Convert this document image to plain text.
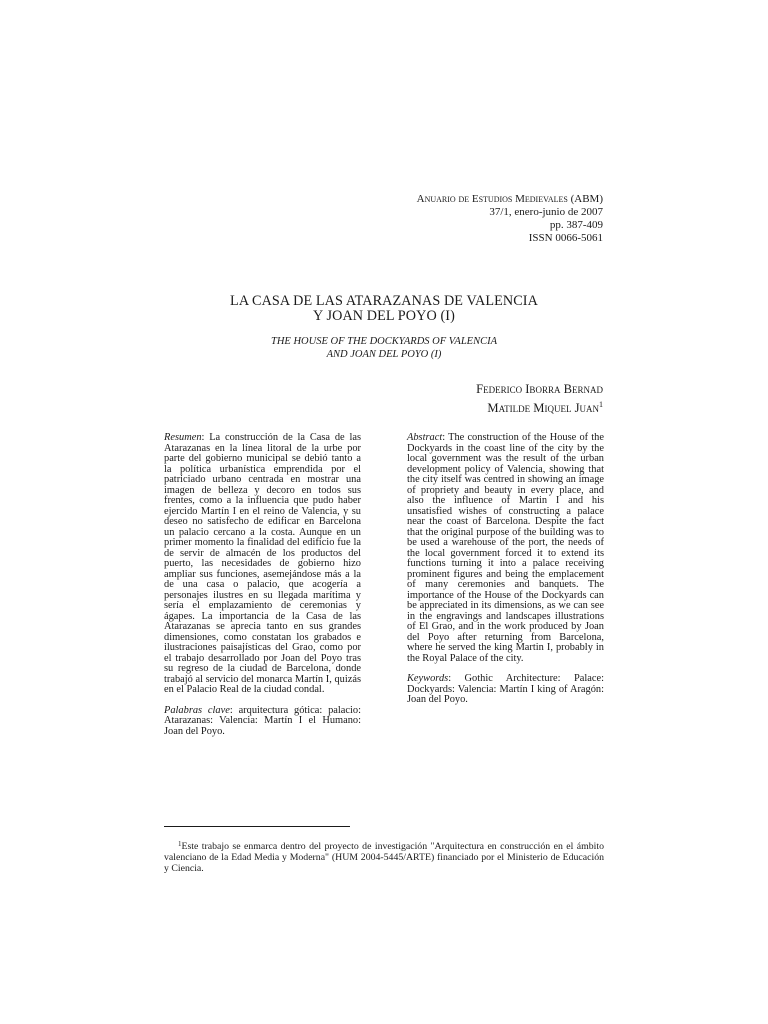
Anuario de Estudios Medievales (ABM)
37/1, enero-junio de 2007
pp. 387-409
ISSN 0066-5061
LA CASA DE LAS ATARAZANAS DE VALENCIA
Y JOAN DEL POYO (I)
THE HOUSE OF THE DOCKYARDS OF VALENCIA
AND JOAN DEL POYO (I)
Federico Iborra Bernad
Matilde Miquel Juan$^1$

Resumen: La construcción de la Casa de las Atarazanas en la línea litoral de la urbe por parte del gobierno municipal se debió tanto a la política urbanística emprendida por el patriciado urbano centrada en mostrar una imagen de belleza y decoro en todos sus frentes, como a la influencia que pudo haber ejercido Martín I en el reino de Valencia, y su deseo no satisfecho de edificar en Barcelona un palacio cercano a la costa. Aunque en un primer momento la finalidad del edificio fue la de servir de almacén de los productos del puerto, las necesidades de gobierno hizo ampliar sus funciones, asemejándose más a la de una casa o palacio, que acogería a personajes ilustres en su llegada marítima y sería el emplazamiento de ceremonias y ágapes. La importancia de la Casa de las Atarazanas se aprecia tanto en sus grandes dimensiones, como constatan los grabados e ilustraciones paisajísticas del Grao, como por el trabajo desarrollado por Joan del Poyo tras su regreso de la ciudad de Barcelona, donde trabajó al servicio del monarca Martín I, quizás en el Palacio Real de la ciudad condal.

Palabras clave: arquitectura gótica: palacio: Atarazanas: Valencia: Martín I el Humano: Joan del Poyo.

Abstract: The construction of the House of the Dockyards in the coast line of the city by the local government was the result of the urban development policy of Valencia, showing that the city itself was centred in showing an image of propriety and beauty in every place, and also the influence of Martin I and his unsatisfied wishes of constructing a palace near the coast of Barcelona. Despite the fact that the original purpose of the building was to be used a warehouse of the port, the needs of the local government forced it to extend its functions turning it into a palace receiving prominent figures and being the emplacement of many ceremonies and banquets. The importance of the House of the Dockyards can be appreciated in its dimensions, as we can see in the engravings and landscapes illustrations of El Grao, and in the work produced by Joan del Poyo after returning from Barcelona, where he served the king Martin I, probably in the Royal Palace of the city.

Keywords: Gothic Architecture: Palace: Dockyards: Valencia: Martín I king of Aragón: Joan del Poyo.

$^1$Este trabajo se enmarca dentro del proyecto de investigación "Arquitectura en construcción en el ámbito valenciano de la Edad Media y Moderna" (HUM 2004-5445/ARTE) financiado por el Ministerio de Educación y Ciencia.
